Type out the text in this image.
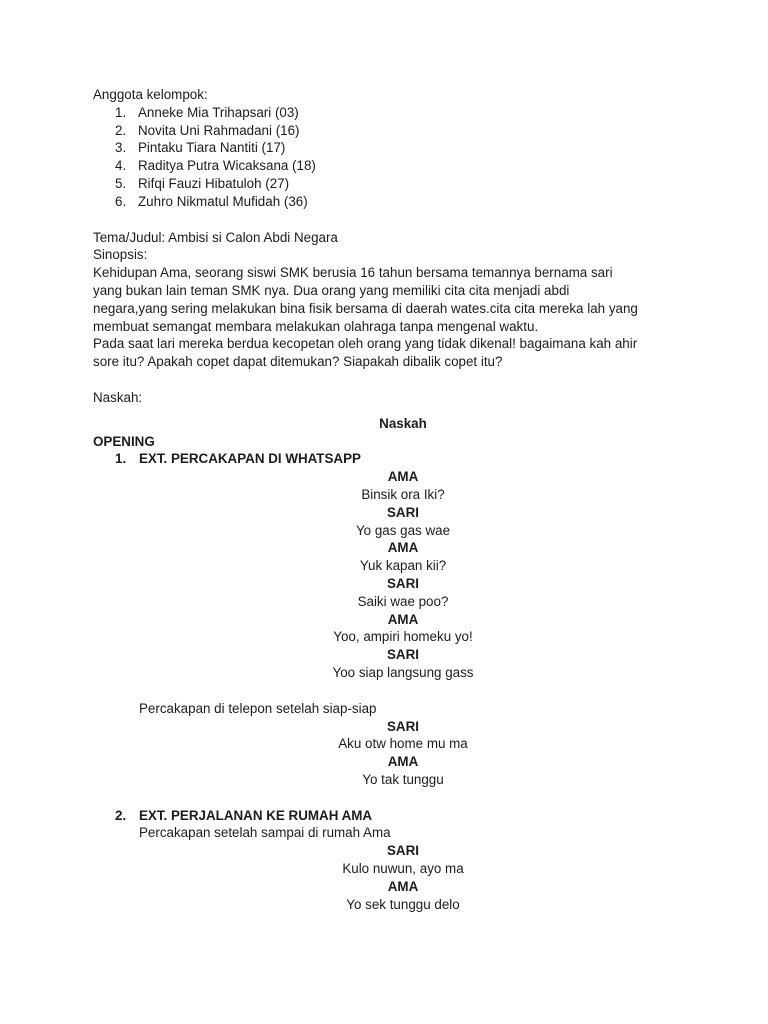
Anggota kelompok:
1. Anneke Mia Trihapsari (03)
2. Novita Uni Rahmadani (16)
3. Pintaku Tiara Nantiti (17)
4. Raditya Putra Wicaksana (18)
5. Rifqi Fauzi Hibatuloh (27)
6. Zuhro Nikmatul Mufidah (36)
Tema/Judul: Ambisi si Calon Abdi Negara
Sinopsis:

Kehidupan Ama, seorang siswi SMK berusia 16 tahun bersama temannya bernama sari

yang bukan lain teman SMK nya. Dua orang yang memiliki cita cita menjadi abdi

negara,yang sering melakukan bina fisik bersama di daerah wates.cita cita mereka lah yang

membuat semangat membara melakukan olahraga tanpa mengenal waktu.

Pada saat lari mereka berdua kecopetan oleh orang yang tidak dikenal! bagaimana kah ahir

sore itu? Apakah copet dapat ditemukan? Siapakah dibalik copet itu?

Naskah:
Naskah
OPENING
1. EXT. PERCAKAPAN DI WHATSAPP
AMA
Binsik ora Iki?
SARI
Yo gas gas wae
AMA
Yuk kapan kii?
SARI
Saiki wae poo?
AMA
Yoo, ampiri homeku yo!
SARI
Yoo siap langsung gass
Percakapan di telepon setelah siap-siap
SARI
Aku otw home mu ma
AMA
Yo tak tunggu
2. EXT. PERJALANAN KE RUMAH AMA
Percakapan setelah sampai di rumah Ama
SARI
Kulo nuwun, ayo ma
AMA
Yo sek tunggu delo
